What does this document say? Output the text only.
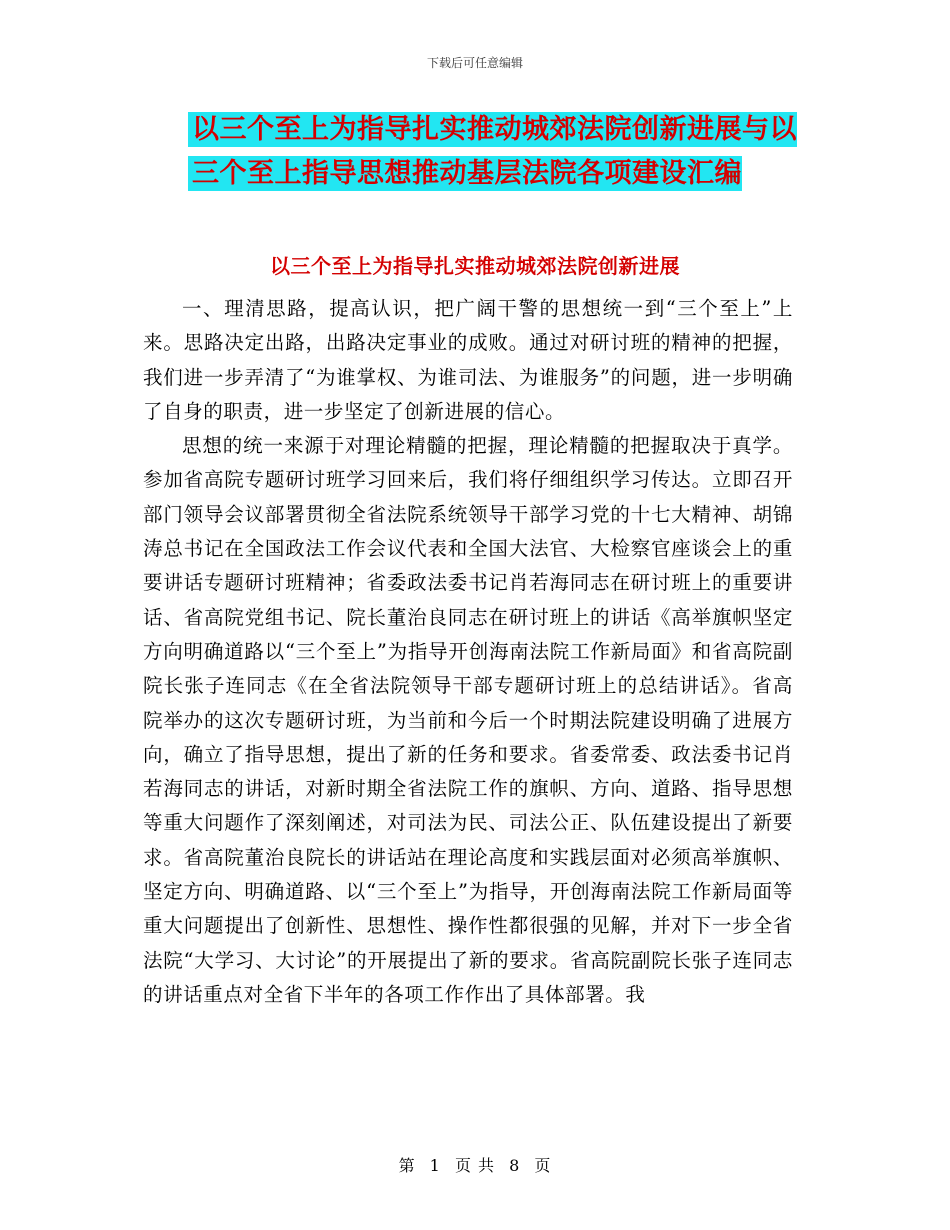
下载后可任意编辑
以三个至上为指导扎实推动城郊法院创新进展与以三个至上指导思想推动基层法院各项建设汇编
以三个至上为指导扎实推动城郊法院创新进展

一、理清思路，提高认识，把广阔干警的思想统一到“三个至上”上来。思路决定出路，出路决定事业的成败。通过对研讨班的精神的把握，我们进一步弄清了“为谁掌权、为谁司法、为谁服务”的问题，进一步明确了自身的职责，进一步坚定了创新进展的信心。

思想的统一来源于对理论精髓的把握，理论精髓的把握取决于真学。参加省高院专题研讨班学习回来后，我们将仔细组织学习传达。立即召开部门领导会议部署贯彻全省法院系统领导干部学习党的十七大精神、胡锦涛总书记在全国政法工作会议代表和全国大法官、大检察官座谈会上的重要讲话专题研讨班精神；省委政法委书记肖若海同志在研讨班上的重要讲话、省高院党组书记、院长董治良同志在研讨班上的讲话《高举旗帜坚定方向明确道路以“三个至上”为指导开创海南法院工作新局面》和省高院副院长张子连同志《在全省法院领导干部专题研讨班上的总结讲话》。省高院举办的这次专题研讨班，为当前和今后一个时期法院建设明确了进展方向，确立了指导思想，提出了新的任务和要求。省委常委、政法委书记肖若海同志的讲话，对新时期全省法院工作的旗帜、方向、道路、指导思想等重大问题作了深刻阐述，对司法为民、司法公正、队伍建设提出了新要求。省高院董治良院长的讲话站在理论高度和实践层面对必须高举旗帜、坚定方向、明确道路、以“三个至上”为指导，开创海南法院工作新局面等重大问题提出了创新性、思想性、操作性都很强的见解，并对下一步全省法院“大学习、大讨论”的开展提出了新的要求。省高院副院长张子连同志的讲话重点对全省下半年的各项工作作出了具体部署。我

第 1 页 共 8 页
